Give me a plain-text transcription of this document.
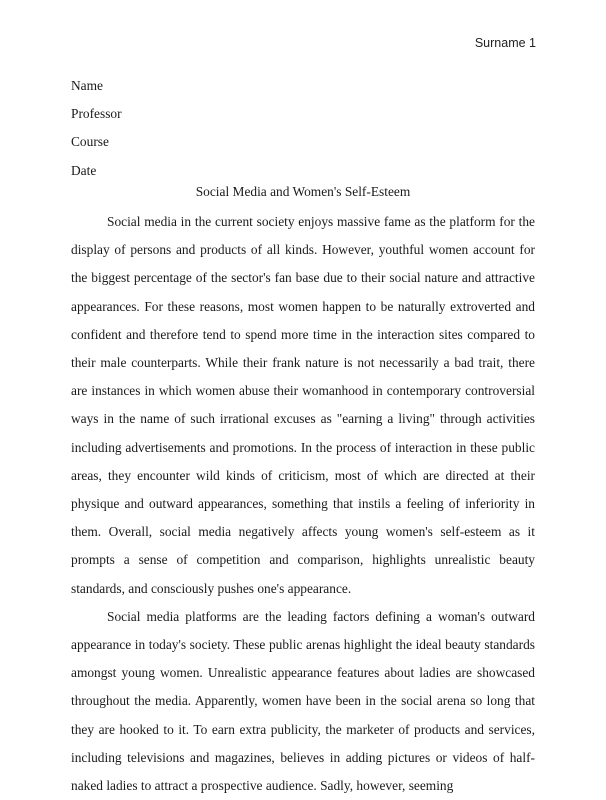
Surname 1
Name
Professor
Course
Date
Social Media and Women's Self-Esteem

Social media in the current society enjoys massive fame as the platform for the display of persons and products of all kinds. However, youthful women account for the biggest percentage of the sector's fan base due to their social nature and attractive appearances. For these reasons, most women happen to be naturally extroverted and confident and therefore tend to spend more time in the interaction sites compared to their male counterparts. While their frank nature is not necessarily a bad trait, there are instances in which women abuse their womanhood in contemporary controversial ways in the name of such irrational excuses as "earning a living" through activities including advertisements and promotions. In the process of interaction in these public areas, they encounter wild kinds of criticism, most of which are directed at their physique and outward appearances, something that instils a feeling of inferiority in them. Overall, social media negatively affects young women's self-esteem as it prompts a sense of competition and comparison, highlights unrealistic beauty standards, and consciously pushes one's appearance.

Social media platforms are the leading factors defining a woman's outward appearance in today's society. These public arenas highlight the ideal beauty standards amongst young women. Unrealistic appearance features about ladies are showcased throughout the media. Apparently, women have been in the social arena so long that they are hooked to it. To earn extra publicity, the marketer of products and services, including televisions and magazines, believes in adding pictures or videos of half-naked ladies to attract a prospective audience. Sadly, however, seeming
